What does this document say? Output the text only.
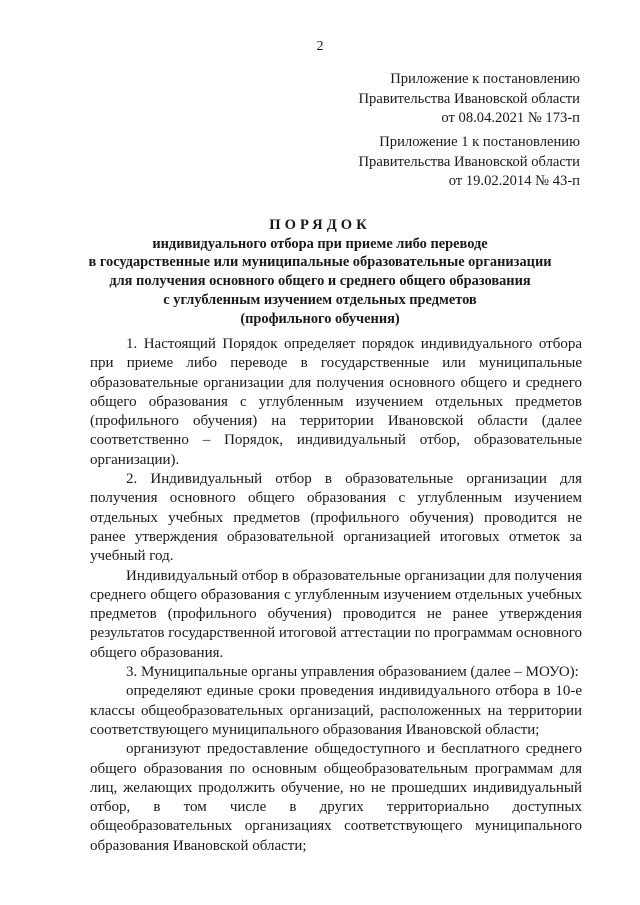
2
Приложение к постановлению
Правительства Ивановской области
от 08.04.2021 № 173-п
Приложение 1 к постановлению
Правительства Ивановской области
от 19.02.2014 № 43-п
ПОРЯДОК
индивидуального отбора при приеме либо переводе
в государственные или муниципальные образовательные организации
для получения основного общего и среднего общего образования
с углубленным изучением отдельных предметов
(профильного обучения)

1. Настоящий Порядок определяет порядок индивидуального отбора при приеме либо переводе в государственные или муниципальные образовательные организации для получения основного общего и среднего общего образования с углубленным изучением отдельных предметов (профильного обучения) на территории Ивановской области (далее соответственно – Порядок, индивидуальный отбор, образовательные организации).

2. Индивидуальный отбор в образовательные организации для получения основного общего образования с углубленным изучением отдельных учебных предметов (профильного обучения) проводится не ранее утверждения образовательной организацией итоговых отметок за учебный год.

Индивидуальный отбор в образовательные организации для получения среднего общего образования с углубленным изучением отдельных учебных предметов (профильного обучения) проводится не ранее утверждения результатов государственной итоговой аттестации по программам основного общего образования.

3. Муниципальные органы управления образованием (далее – МОУО):

определяют единые сроки проведения индивидуального отбора в 10-е классы общеобразовательных организаций, расположенных на территории соответствующего муниципального образования Ивановской области;

организуют предоставление общедоступного и бесплатного среднего общего образования по основным общеобразовательным программам для лиц, желающих продолжить обучение, но не прошедших индивидуальный отбор, в том числе в других территориально доступных общеобразовательных организациях соответствующего муниципального образования Ивановской области;
